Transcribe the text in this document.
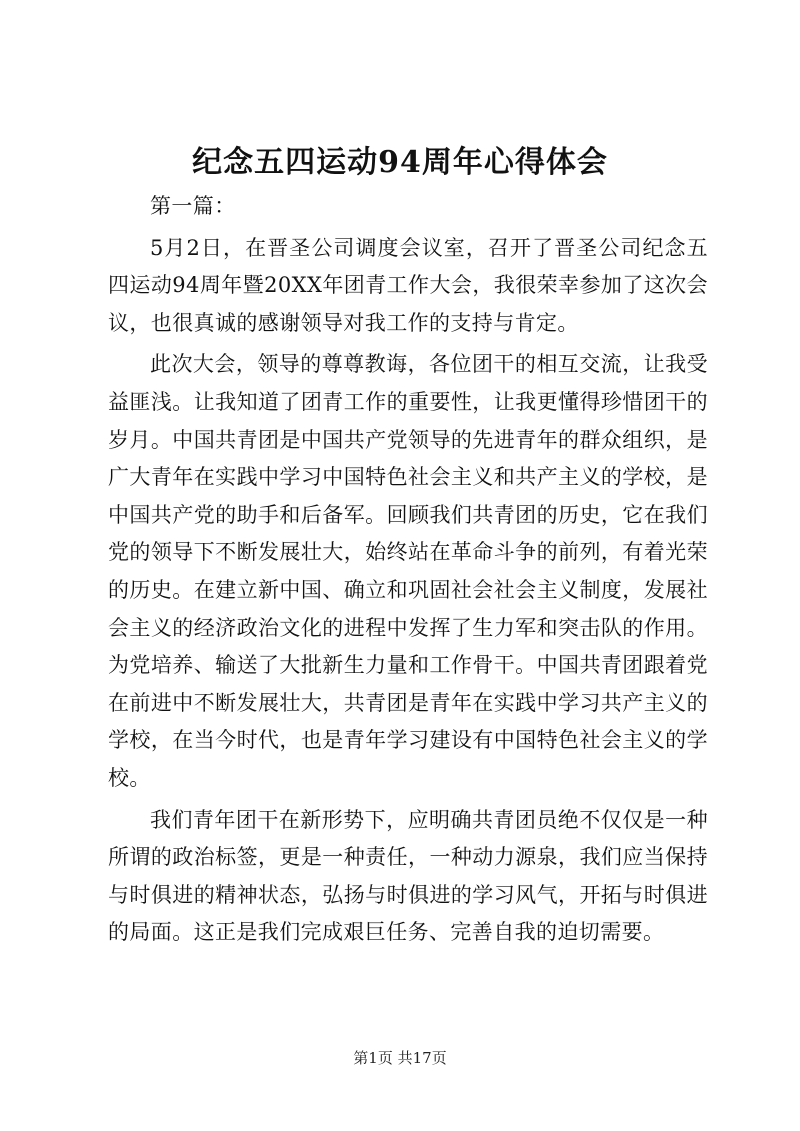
纪念五四运动94周年心得体会

第一篇：

5月2日，在晋圣公司调度会议室，召开了晋圣公司纪念五四运动94周年暨20XX年团青工作大会，我很荣幸参加了这次会议，也很真诚的感谢领导对我工作的支持与肯定。

此次大会，领导的尊尊教诲，各位团干的相互交流，让我受益匪浅。让我知道了团青工作的重要性，让我更懂得珍惜团干的岁月。中国共青团是中国共产党领导的先进青年的群众组织，是广大青年在实践中学习中国特色社会主义和共产主义的学校，是中国共产党的助手和后备军。回顾我们共青团的历史，它在我们党的领导下不断发展壮大，始终站在革命斗争的前列，有着光荣的历史。在建立新中国、确立和巩固社会社会主义制度，发展社会主义的经济政治文化的进程中发挥了生力军和突击队的作用。为党培养、输送了大批新生力量和工作骨干。中国共青团跟着党在前进中不断发展壮大，共青团是青年在实践中学习共产主义的学校，在当今时代，也是青年学习建设有中国特色社会主义的学校。

我们青年团干在新形势下，应明确共青团员绝不仅仅是一种所谓的政治标签，更是一种责任，一种动力源泉，我们应当保持与时俱进的精神状态，弘扬与时俱进的学习风气，开拓与时俱进的局面。这正是我们完成艰巨任务、完善自我的迫切需要。

第1页 共17页
